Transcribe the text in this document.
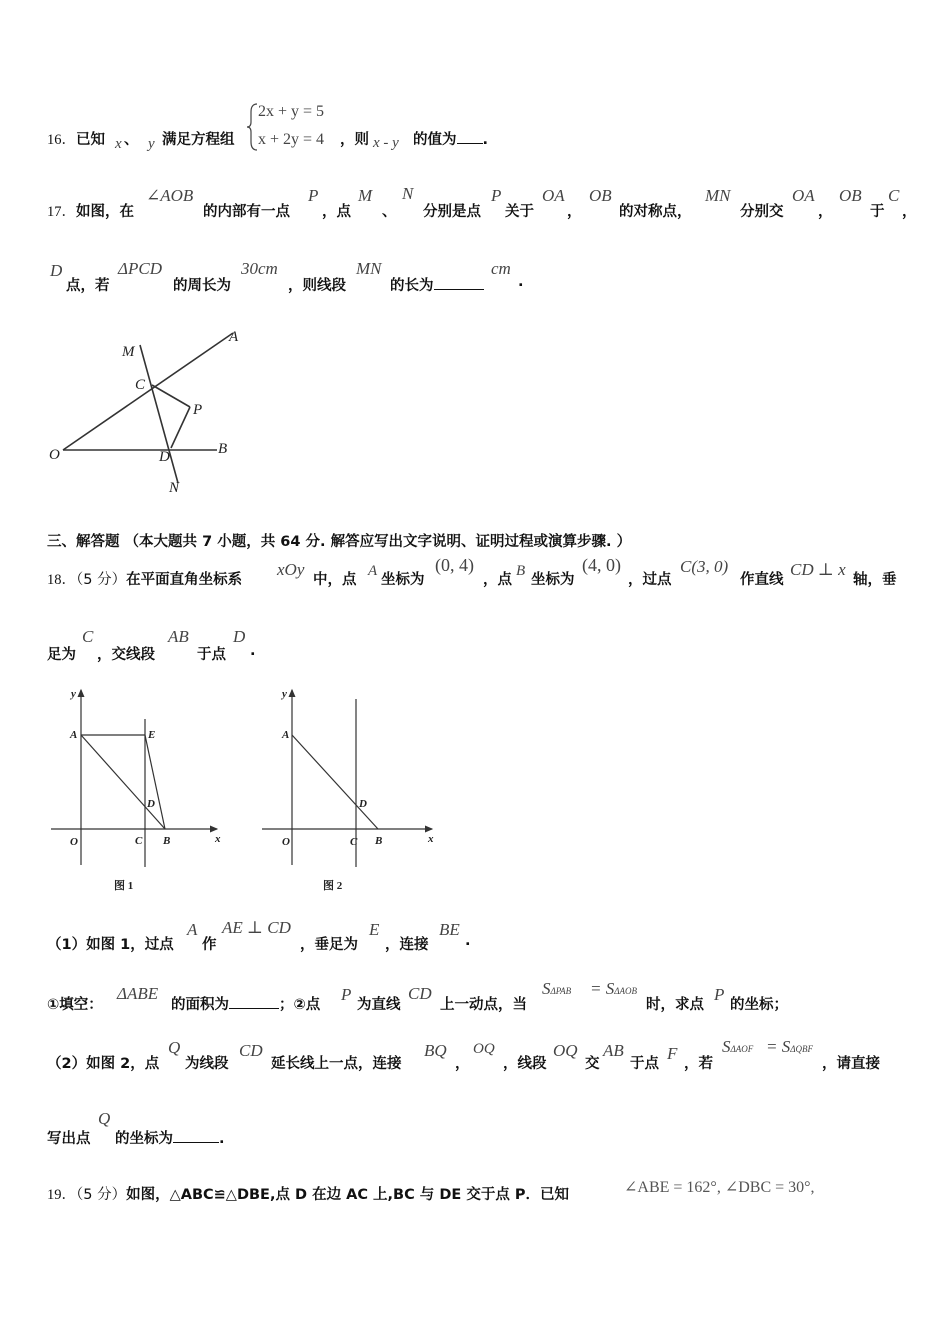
16．已知 x 、 y 满足方程组
2x + y = 5
x + 2y = 4 ，则 x - y 的值为 .
17．如图，在
∠AOB
的内部有一点
P
，点
M
、
N
分别是点
P
关于
OA
，
OB
的对称点，
MN
分别交
OA
，
OB
于
C
，
D
点，若
ΔPCD
的周长为
30cm
，则线段
MN
的长为
cm
.
A
M
C
P
O	D	B
N
三、解答题 （本大题共 7 小题，共 64 分. 解答应写出文字说明、证明过程或演算步骤. ）
18．（5 分）在平面直角坐标系
xOy
中，点
A
坐标为
(0, 4)
，点
B
坐标为
(4, 0)
，过点
C(3, 0)
作直线
CD ⊥ x
轴，垂
足为
C
，交线段
AB
于点
D
.
y
A	E
D
O	C B	x
图 1
y
A
D
O	C B	x
图 2
（1）如图 1，过点
A
作
AE ⊥ CD
，垂足为
E
，连接
BE
.
①填空：
ΔABE
的面积为	；②点
P
为直线
CD
上一动点，当
SΔPAB = SΔAOB
时，求点
P
的坐标；
（2）如图 2，点
Q
为线段
CD
延长线上一点，连接
BQ
，
OQ
，线段
OQ
交
AB
于点
F
，若
SΔAOF = SΔQBF
，请直接
写出点
Q
的坐标为	.
19．（5 分）如图，△ABC≌△DBE,点 D 在边 AC 上,BC 与 DE 交于点 P．已知	∠ABE = 162°, ∠DBC = 30°,
